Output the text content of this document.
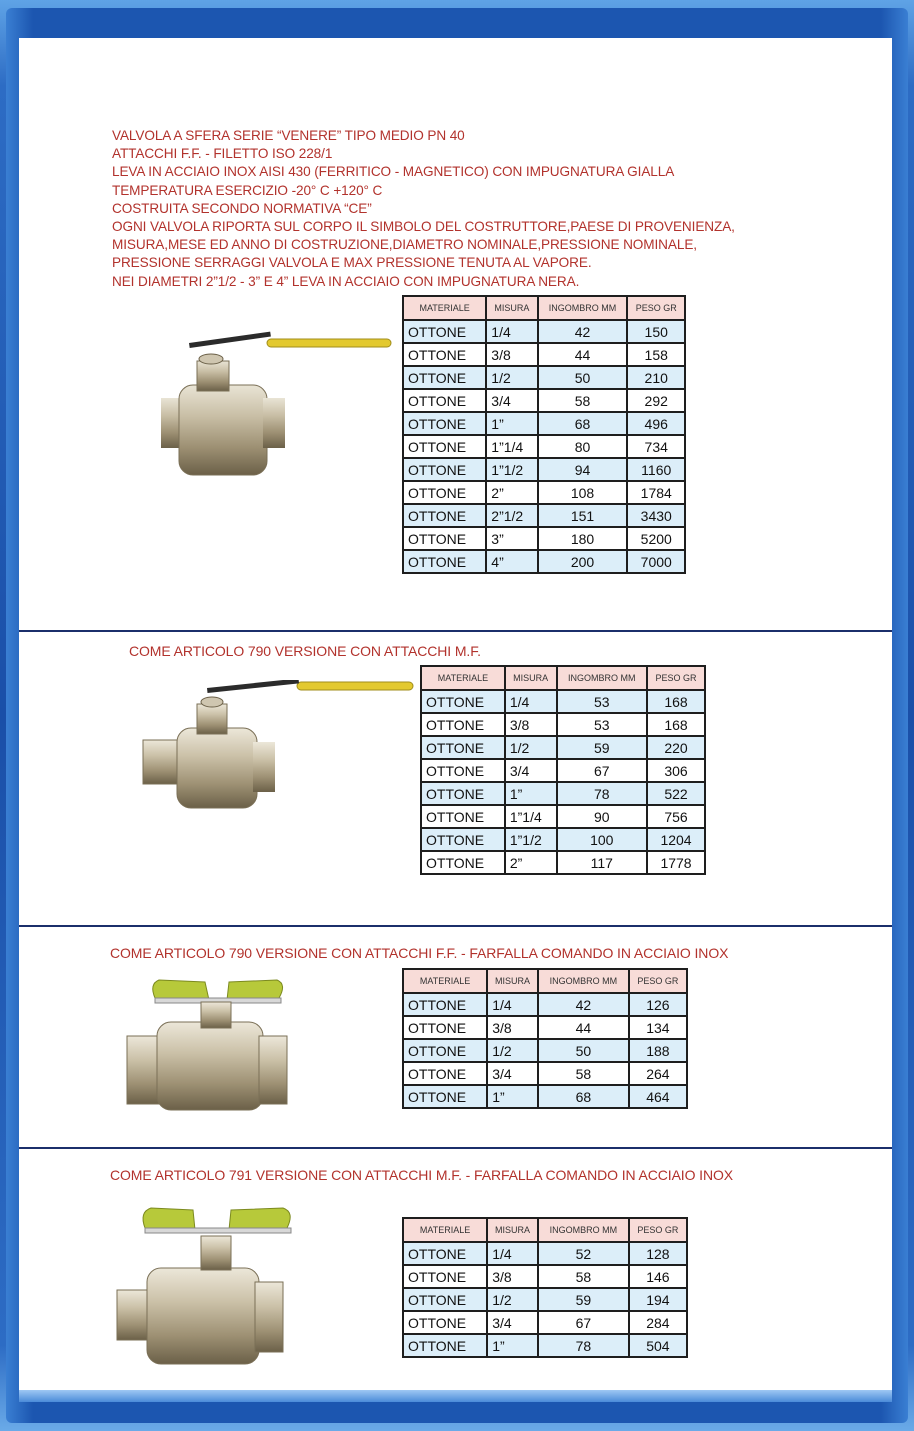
VALVOLA A SFERA SERIE “VENERE” TIPO MEDIO PN 40
ATTACCHI F.F. - FILETTO ISO 228/1
LEVA IN ACCIAIO INOX AISI 430 (FERRITICO - MAGNETICO) CON IMPUGNATURA GIALLA
TEMPERATURA ESERCIZIO -20° C +120° C
COSTRUITA SECONDO NORMATIVA “CE”
OGNI VALVOLA RIPORTA SUL CORPO IL SIMBOLO DEL COSTRUTTORE,PAESE DI PROVENIENZA,
MISURA,MESE ED ANNO DI COSTRUZIONE,DIAMETRO NOMINALE,PRESSIONE NOMINALE,
PRESSIONE SERRAGGI VALVOLA E MAX PRESSIONE TENUTA AL VAPORE.
NEI DIAMETRI 2”1/2 - 3” E 4” LEVA IN ACCIAIO CON IMPUGNATURA NERA.
MATERIALE	MISURA	INGOMBRO MM	PESO GR
OTTONE	1/4	42	150
OTTONE	3/8	44	158
OTTONE	1/2	50	210
OTTONE	3/4	58	292
OTTONE	1”	68	496
OTTONE	1”1/4	80	734
OTTONE	1”1/2	94	1160
OTTONE	2”	108	1784
OTTONE	2”1/2	151	3430
OTTONE	3”	180	5200
OTTONE	4”	200	7000
COME ARTICOLO 790 VERSIONE CON ATTACCHI M.F.
MATERIALE	MISURA	INGOMBRO MM	PESO GR
OTTONE	1/4	53	168
OTTONE	3/8	53	168
OTTONE	1/2	59	220
OTTONE	3/4	67	306
OTTONE	1”	78	522
OTTONE	1”1/4	90	756
OTTONE	1”1/2	100	1204
OTTONE	2”	117	1778
COME ARTICOLO 790 VERSIONE CON ATTACCHI F.F. - FARFALLA COMANDO IN ACCIAIO INOX
MATERIALE	MISURA	INGOMBRO MM	PESO GR
OTTONE	1/4	42	126
OTTONE	3/8	44	134
OTTONE	1/2	50	188
OTTONE	3/4	58	264
OTTONE	1”	68	464
COME ARTICOLO 791 VERSIONE CON ATTACCHI M.F. - FARFALLA COMANDO IN ACCIAIO INOX
MATERIALE	MISURA	INGOMBRO MM	PESO GR
OTTONE	1/4	52	128
OTTONE	3/8	58	146
OTTONE	1/2	59	194
OTTONE	3/4	67	284
OTTONE	1”	78	504
